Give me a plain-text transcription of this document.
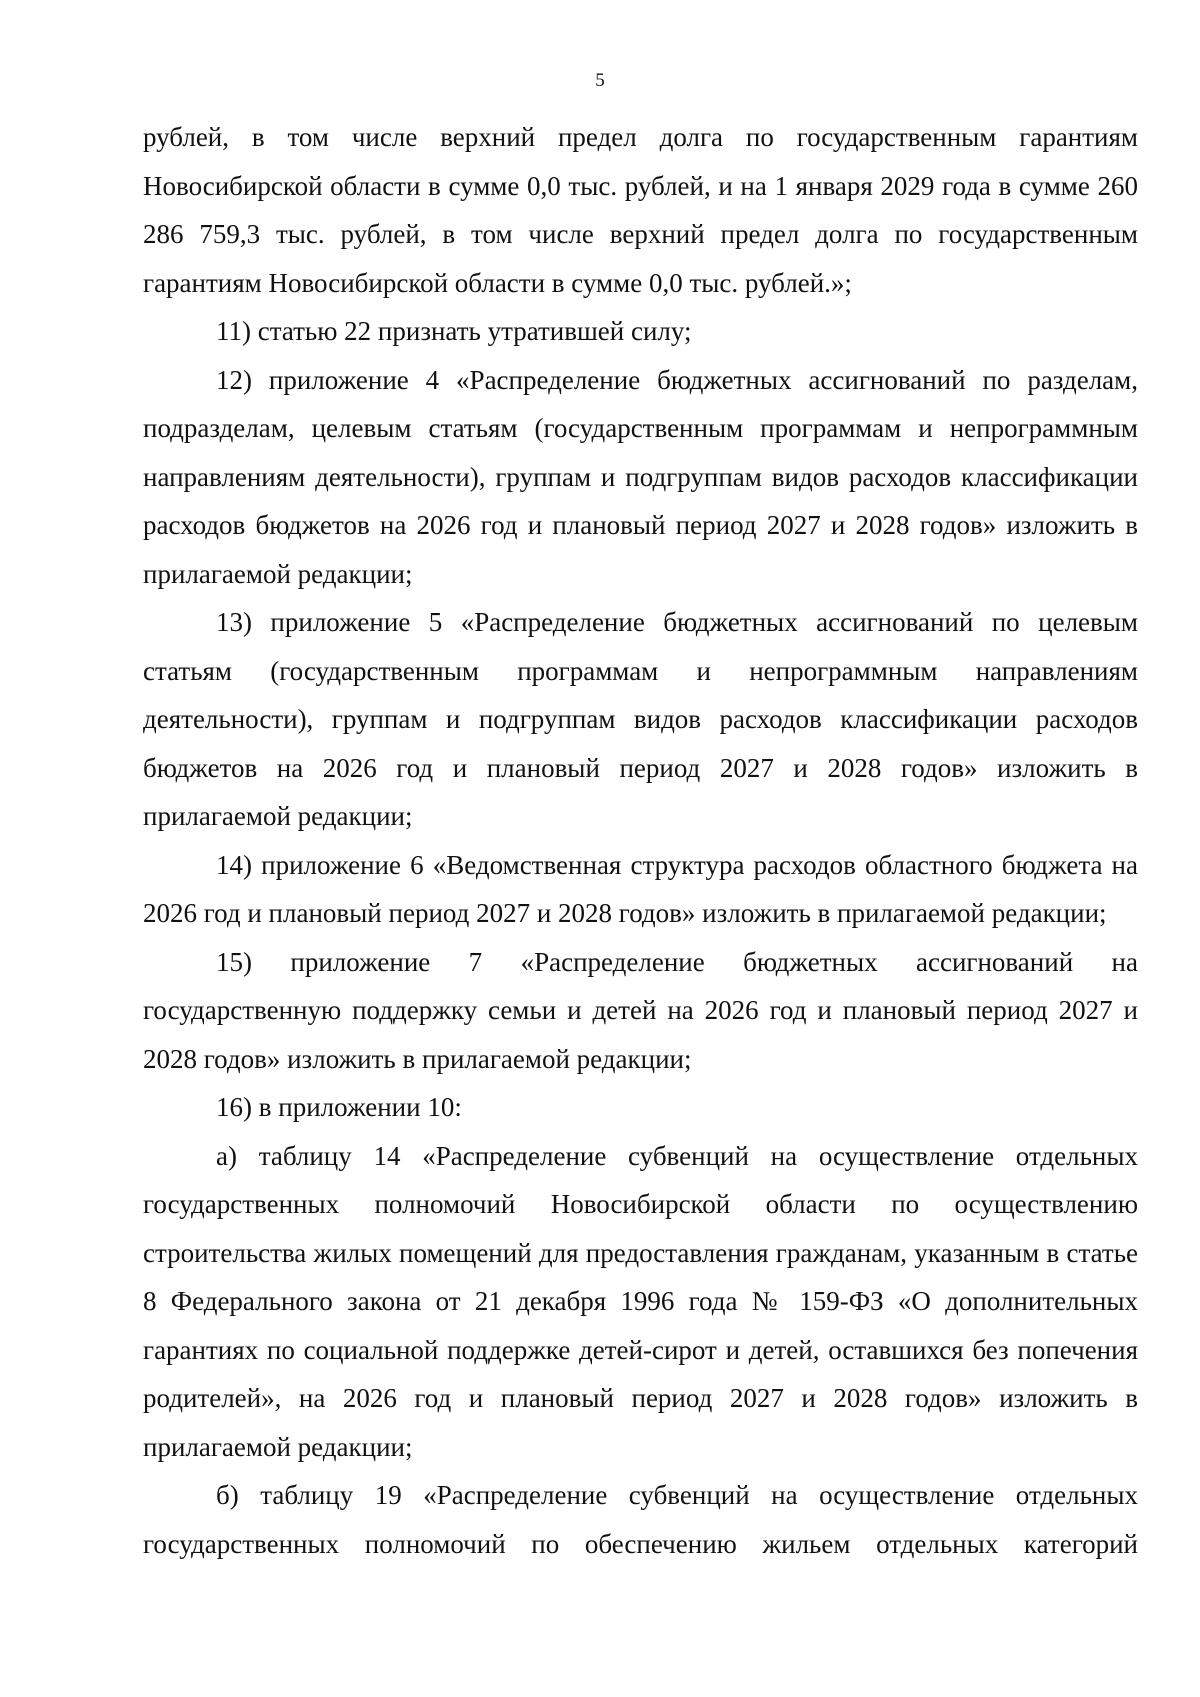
5

рублей, в том числе верхний предел долга по государственным гарантиям Новосибирской области в сумме 0,0 тыс. рублей, и на 1 января 2029 года в сумме 260 286 759,3 тыс. рублей, в том числе верхний предел долга по государственным гарантиям Новосибирской области в сумме 0,0 тыс. рублей.»;

11) статью 22 признать утратившей силу;

12) приложение 4 «Распределение бюджетных ассигнований по разделам, подразделам, целевым статьям (государственным программам и непрограммным направлениям деятельности), группам и подгруппам видов расходов классификации расходов бюджетов на 2026 год и плановый период 2027 и 2028 годов» изложить в прилагаемой редакции;

13) приложение 5 «Распределение бюджетных ассигнований по целевым статьям (государственным программам и непрограммным направлениям деятельности), группам и подгруппам видов расходов классификации расходов бюджетов на 2026 год и плановый период 2027 и 2028 годов» изложить в прилагаемой редакции;

14) приложение 6 «Ведомственная структура расходов областного бюджета на 2026 год и плановый период 2027 и 2028 годов» изложить в прилагаемой редакции;

15) приложение 7 «Распределение бюджетных ассигнований на государственную поддержку семьи и детей на 2026 год и плановый период 2027 и 2028 годов» изложить в прилагаемой редакции;

16) в приложении 10:

а) таблицу 14 «Распределение субвенций на осуществление отдельных государственных полномочий Новосибирской области по осуществлению строительства жилых помещений для предоставления гражданам, указанным в статье 8 Федерального закона от 21 декабря 1996 года № 159-ФЗ «О дополнительных гарантиях по социальной поддержке детей-сирот и детей, оставшихся без попечения родителей», на 2026 год и плановый период 2027 и 2028 годов» изложить в прилагаемой редакции;

б) таблицу 19 «Распределение субвенций на осуществление отдельных государственных полномочий по обеспечению жильем отдельных категорий
